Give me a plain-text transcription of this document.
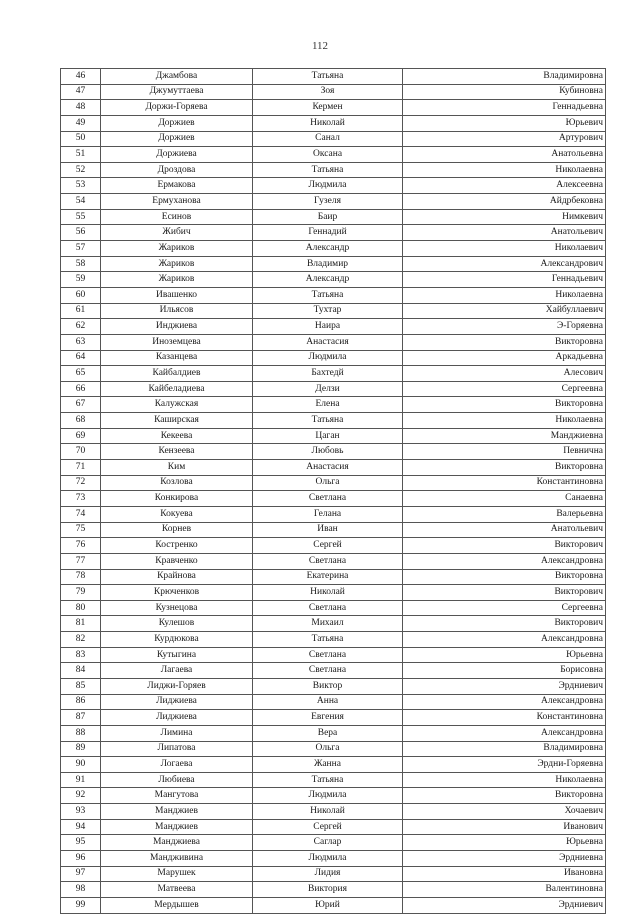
112
46	Джамбова	Татьяна	Владимировна
47	Джумуттаева	Зоя	Кубиновна
48	Доржи-Горяева	Кермен	Геннадьевна
49	Доржиев	Николай	Юрьевич
50	Доржиев	Санал	Артурович
51	Доржиева	Оксана	Анатольевна
52	Дроздова	Татьяна	Николаевна
53	Ермакова	Людмила	Алексеевна
54	Ермуханова	Гузеля	Айдрбековна
55	Есинов	Баир	Нимкевич
56	Жибич	Геннадий	Анатольевич
57	Жариков	Александр	Николаевич
58	Жариков	Владимир	Александрович
59	Жариков	Александр	Геннадьевич
60	Ивашенко	Татьяна	Николаевна
61	Ильясов	Тухтар	Хайбуллаевич
62	Инджиева	Наира	Э-Горяевна
63	Иноземцева	Анастасия	Викторовна
64	Казанцева	Людмила	Аркадьевна
65	Кайбалдиев	Бахтедй	Алесович
66	Кайбеладиева	Делзи	Сергеевна
67	Калужская	Елена	Викторовна
68	Каширская	Татьяна	Николаевна
69	Кекеева	Цаган	Манджиевна
70	Кензеева	Любовь	Певнична
71	Ким	Анастасия	Викторовна
72	Козлова	Ольга	Константиновна
73	Конкирова	Светлана	Санаевна
74	Кокуева	Гелана	Валерьевна
75	Корнев	Иван	Анатольевич
76	Костренко	Сергей	Викторович
77	Кравченко	Светлана	Александровна
78	Крайнова	Екатерина	Викторовна
79	Крюченков	Николай	Викторович
80	Кузнецова	Светлана	Сергеевна
81	Кулешов	Михаил	Викторович
82	Курдюкова	Татьяна	Александровна
83	Кутыгина	Светлана	Юрьевна
84	Лагаева	Светлана	Борисовна
85	Лиджи-Горяев	Виктор	Эрдниевич
86	Лиджиева	Анна	Александровна
87	Лиджиева	Евгения	Константиновна
88	Лимина	Вера	Александровна
89	Липатова	Ольга	Владимировна
90	Логаева	Жанна	Эрдни-Горяевна
91	Любиева	Татьяна	Николаевна
92	Мангутова	Людмила	Викторовна
93	Манджиев	Николай	Хочаевич
94	Манджиев	Сергей	Иванович
95	Манджиева	Саглар	Юрьевна
96	Мандживина	Людмила	Эрдниевна
97	Марушек	Лидия	Ивановна
98	Матвеева	Виктория	Валентиновна
99	Мердышев	Юрий	Эрдниевич
